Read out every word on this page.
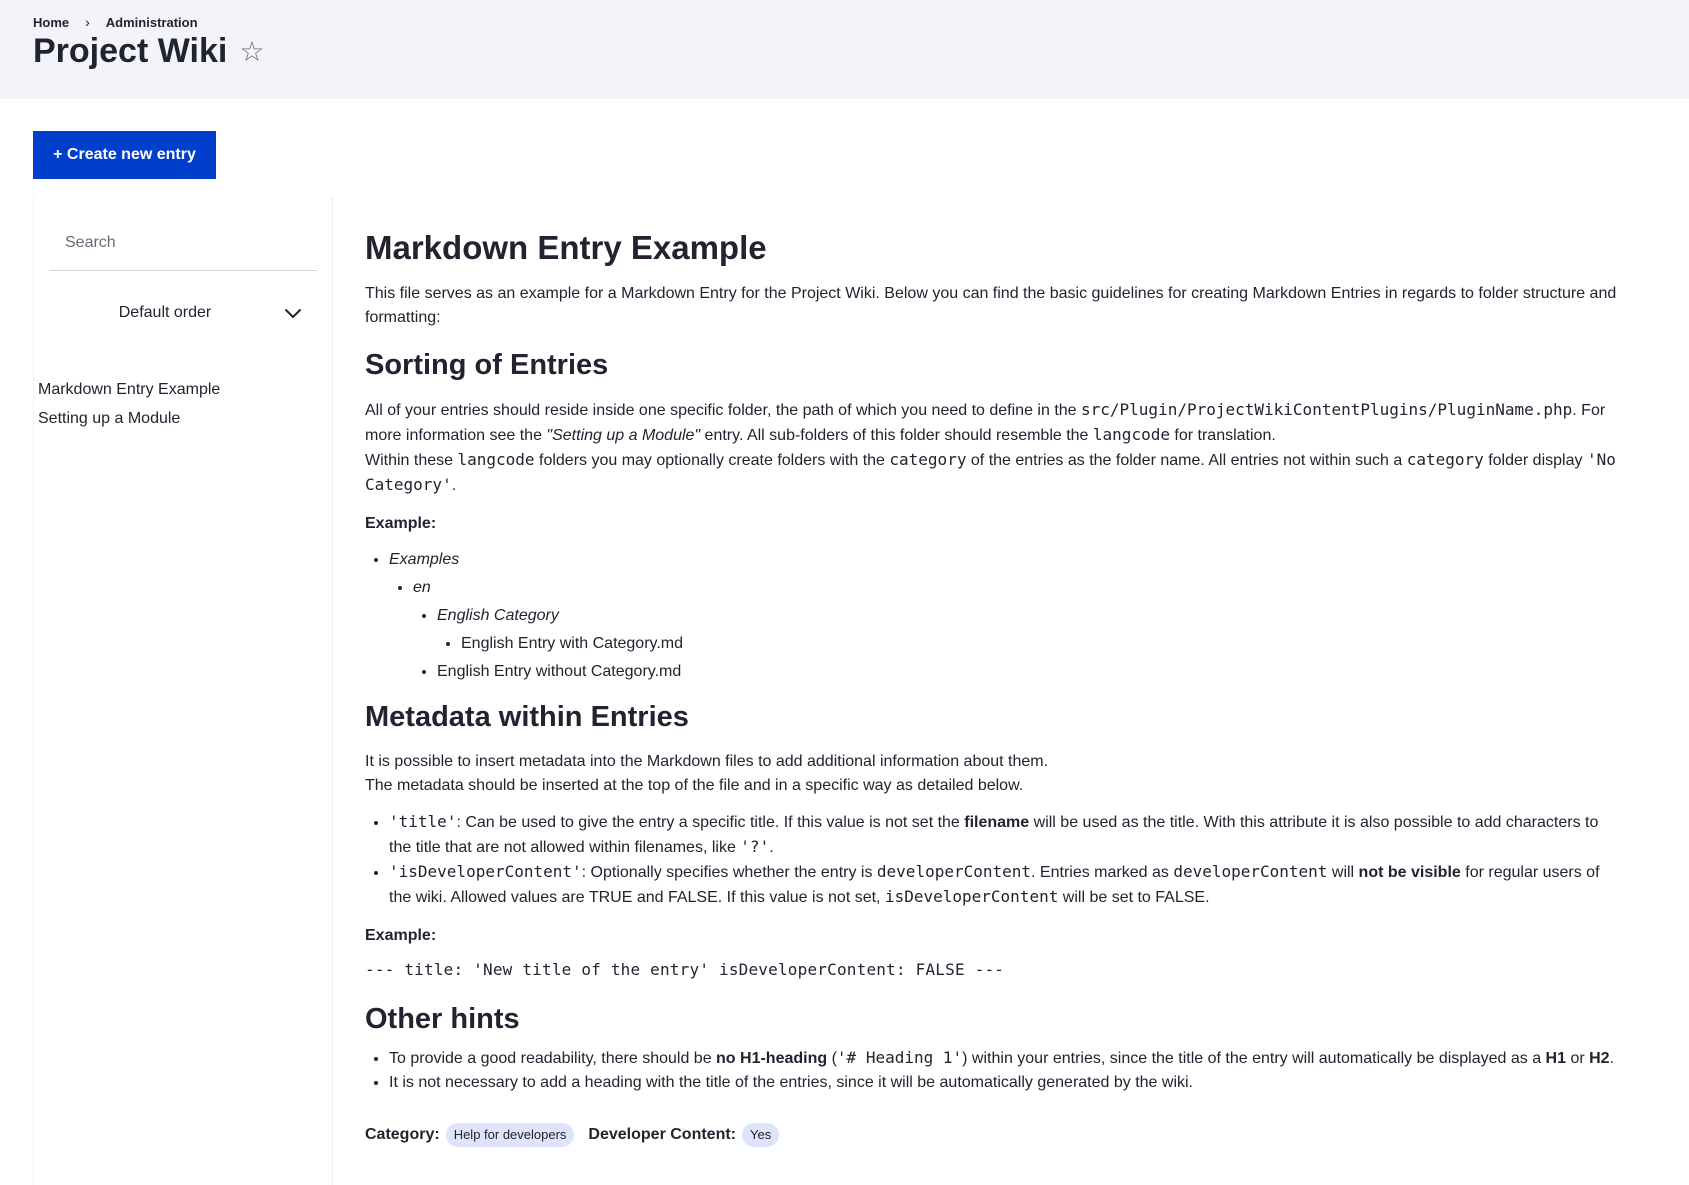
Home › Administration
Project Wiki ☆
+ Create new entry
Search
Default order
Markdown Entry Example
Setting up a Module
Markdown Entry Example

This file serves as an example for a Markdown Entry for the Project Wiki. Below you can find the basic guidelines for creating Markdown Entries in regards to folder structure and formatting:

Sorting of Entries

All of your entries should reside inside one specific folder, the path of which you need to define in the src/Plugin/ProjectWikiContentPlugins/PluginName.php. For more information see the "Setting up a Module" entry. All sub-folders of this folder should resemble the langcode for translation.
Within these langcode folders you may optionally create folders with the category of the entries as the folder name. All entries not within such a category folder display 'No Category'.

Example:

• Examples
• en
• English Category
• English Entry with Category.md
• English Entry without Category.md
Metadata within Entries

It is possible to insert metadata into the Markdown files to add additional information about them.
The metadata should be inserted at the top of the file and in a specific way as detailed below.

• 'title': Can be used to give the entry a specific title. If this value is not set the filename will be used as the title. With this attribute it is also possible to add characters to the title that are not allowed within filenames, like '?'.
• 'isDeveloperContent': Optionally specifies whether the entry is developerContent. Entries marked as developerContent will not be visible for regular users of the wiki. Allowed values are TRUE and FALSE. If this value is not set, isDeveloperContent will be set to FALSE.

Example:

--- title: 'New title of the entry' isDeveloperContent: FALSE ---
Other hints
• To provide a good readability, there should be no H1-heading ('# Heading 1') within your entries, since the title of the entry will automatically be displayed as a H1 or H2.
• It is not necessary to add a heading with the title of the entries, since it will be automatically generated by the wiki.
Category:	Help for developers	Developer Content:	Yes
